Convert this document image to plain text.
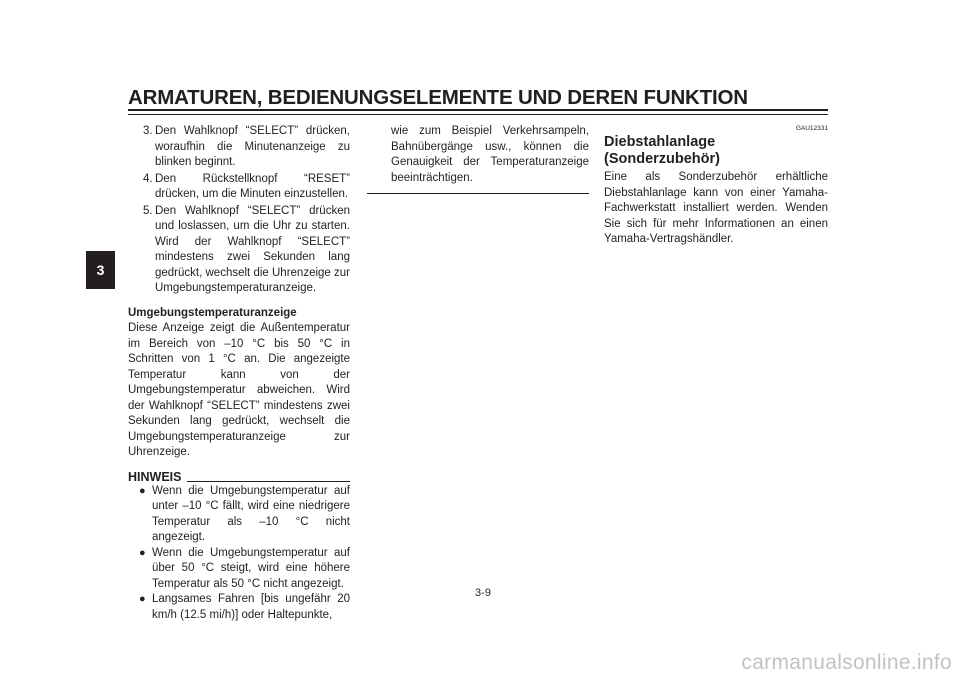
ARMATUREN, BEDIENUNGSELEMENTE UND DEREN FUNKTION
3
3. Den Wahlknopf “SELECT” drücken, woraufhin die Minutenanzeige zu blinken beginnt.
4. Den Rückstellknopf “RESET” drücken, um die Minuten einzustellen.
5. Den Wahlknopf “SELECT” drücken und loslassen, um die Uhr zu starten. Wird der Wahlknopf “SELECT” mindestens zwei Sekunden lang gedrückt, wechselt die Uhrenzeige zur Umgebungstemperaturanzeige.
Umgebungstemperaturanzeige

Diese Anzeige zeigt die Außentemperatur im Bereich von –10 °C bis 50 °C in Schritten von 1 °C an. Die angezeigte Temperatur kann von der Umgebungstemperatur abweichen. Wird der Wahlknopf “SELECT” mindestens zwei Sekunden lang gedrückt, wechselt die Umgebungstemperaturanzeige zur Uhrenzeige.

HINWEIS
● Wenn die Umgebungstemperatur auf unter –10 °C fällt, wird eine niedrigere Temperatur als –10 °C nicht angezeigt.
● Wenn die Umgebungstemperatur auf über 50 °C steigt, wird eine höhere Temperatur als 50 °C nicht angezeigt.
● Langsames Fahren [bis ungefähr 20 km/h (12.5 mi/h)] oder Haltepunkte,

wie zum Beispiel Verkehrsampeln, Bahnübergänge usw., können die Genauigkeit der Temperaturanzeige beeinträchtigen.

GAU12331
Diebstahlanlage (Sonderzubehör)

Eine als Sonderzubehör erhältliche Diebstahlanlage kann von einer Yamaha-Fachwerkstatt installiert werden. Wenden Sie sich für mehr Informationen an einen Yamaha-Vertragshändler.

3-9
carmanualsonline.info
